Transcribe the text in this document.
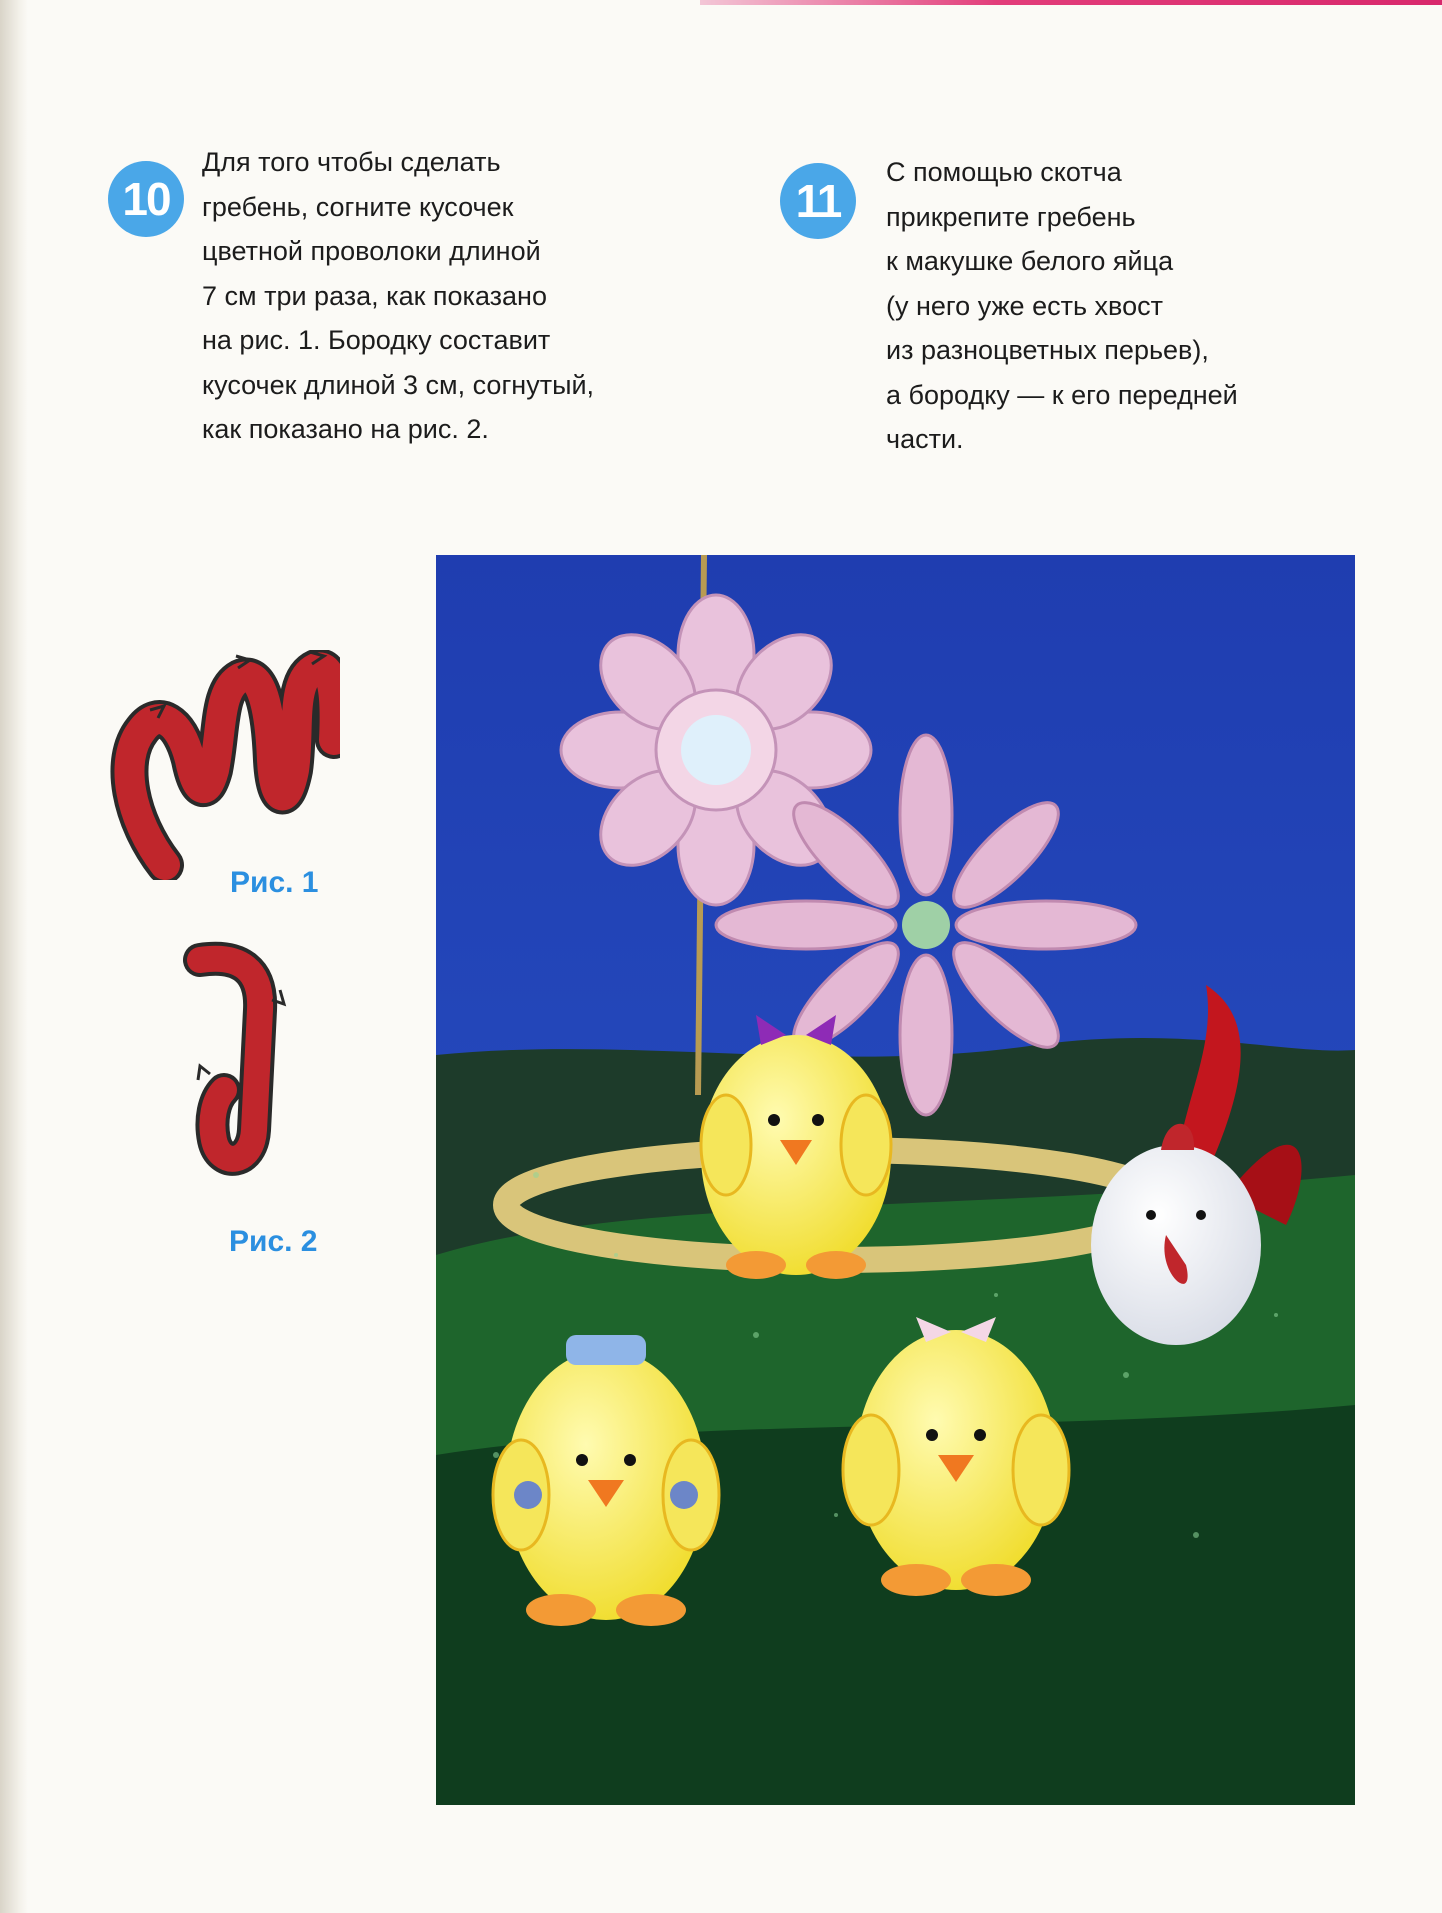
10

Для того чтобы сделать
гребень, согните кусочек
цветной проволоки длиной
7 см три раза, как показано
на рис. 1. Бородку составит
кусочек длиной 3 см, согнутый,
как показано на рис. 2.

11

С помощью скотча
прикрепите гребень
к макушке белого яйца
(у него уже есть хвост
из разноцветных перьев),
а бородку — к его передней
части.

Рис. 1
Рис. 2
